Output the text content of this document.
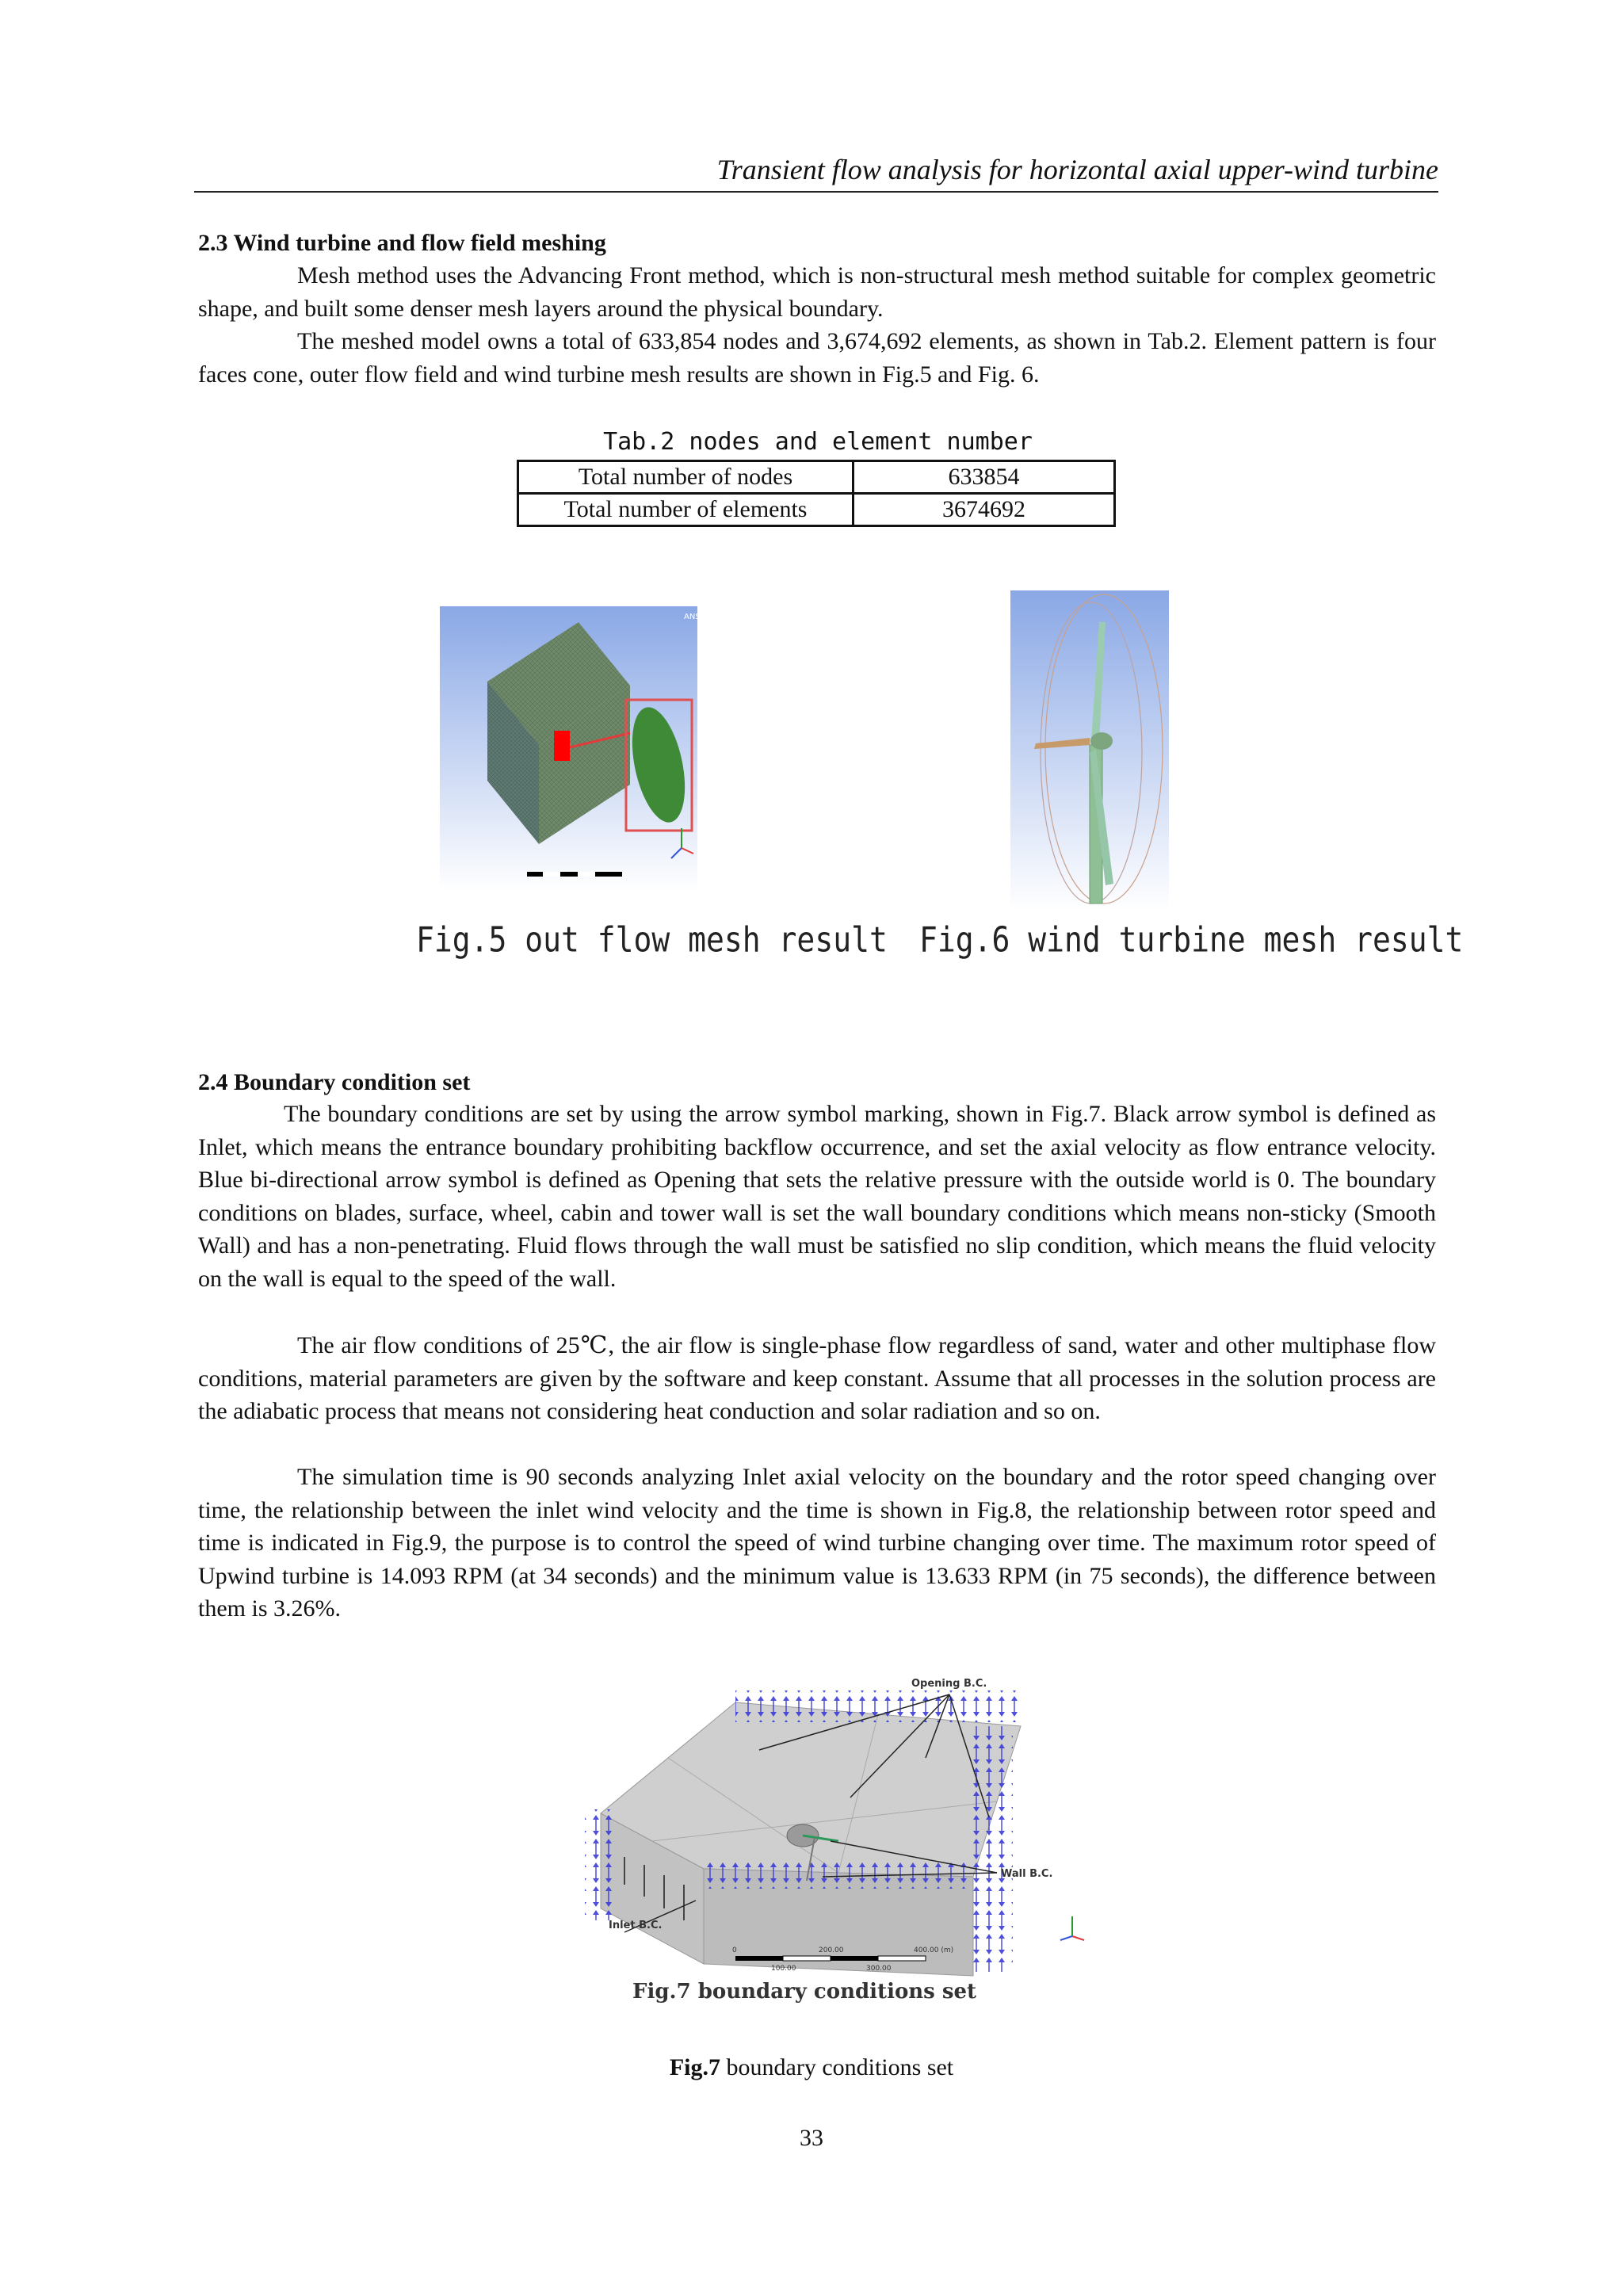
Transient flow analysis for horizontal axial upper-wind turbine
2.3 Wind turbine and flow field meshing

Mesh method uses the Advancing Front method, which is non-structural mesh method suitable for complex geometric shape, and built some denser mesh layers around the physical boundary.

The meshed model owns a total of 633,854 nodes and 3,674,692 elements, as shown in Tab.2. Element pattern is four faces cone, outer flow field and wind turbine mesh results are shown in Fig.5 and Fig. 6.

Tab.2 nodes and element number
Total number of nodes	633854
Total number of elements	3674692
ANSYS
Fig.5 out flow mesh result Fig.6 wind turbine mesh result
2.4 Boundary condition set

The boundary conditions are set by using the arrow symbol marking, shown in Fig.7. Black arrow symbol is defined as Inlet, which means the entrance boundary prohibiting backflow occurrence, and set the axial velocity as flow entrance velocity. Blue bi-directional arrow symbol is defined as Opening that sets the relative pressure with the outside world is 0. The boundary conditions on blades, surface, wheel, cabin and tower wall is set the wall boundary conditions which means non-sticky (Smooth Wall) and has a non-penetrating. Fluid flows through the wall must be satisfied no slip condition, which means the fluid velocity on the wall is equal to the speed of the wall.

The air flow conditions of 25℃, the air flow is single-phase flow regardless of sand, water and other multiphase flow conditions, material parameters are given by the software and keep constant. Assume that all processes in the solution process are the adiabatic process that means not considering heat conduction and solar radiation and so on.

The simulation time is 90 seconds analyzing Inlet axial velocity on the boundary and the rotor speed changing over time, the relationship between the inlet wind velocity and the time is shown in Fig.8, the relationship between rotor speed and time is indicated in Fig.9, the purpose is to control the speed of wind turbine changing over time. The maximum rotor speed of Upwind turbine is 14.093 RPM (at 34 seconds) and the minimum value is 13.633 RPM (in 75 seconds), the difference between them is 3.26%.

Opening B.C.
Wall B.C.
Inlet B.C.
0	200.00	400.00 (m)
100.00	300.00
Fig.7 boundary conditions set
Fig.7 boundary conditions set
33
